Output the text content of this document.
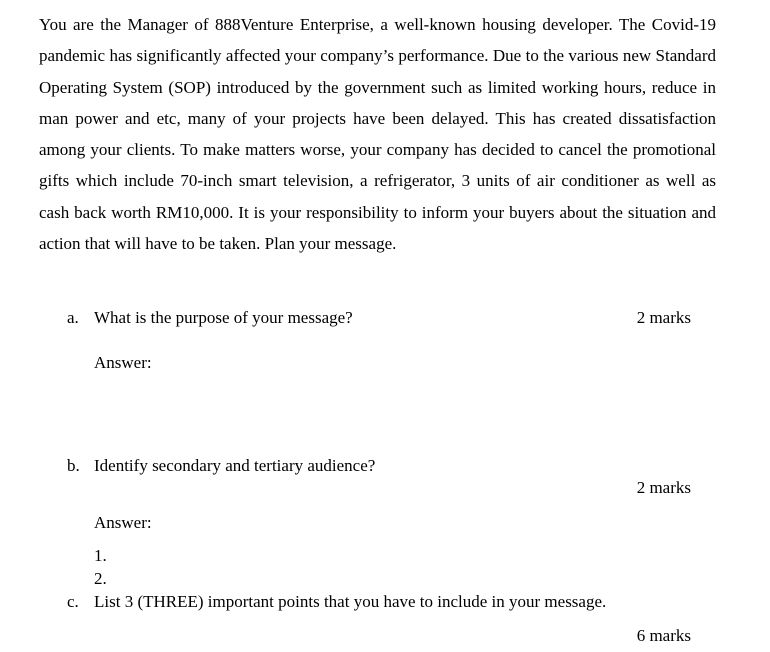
You are the Manager of 888Venture Enterprise, a well-known housing developer. The Covid-19 pandemic has significantly affected your company’s performance. Due to the various new Standard Operating System (SOP) introduced by the government such as limited working hours, reduce in man power and etc, many of your projects have been delayed. This has created dissatisfaction among your clients. To make matters worse, your company has decided to cancel the promotional gifts which include 70-inch smart television, a refrigerator, 3 units of air conditioner as well as cash back worth RM10,000. It is your responsibility to inform your buyers about the situation and action that will have to be taken. Plan your message.

a. What is the purpose of your message?	2 marks
Answer:
b. Identify secondary and tertiary audience?
2 marks
Answer:
1.
2.
c. List 3 (THREE) important points that you have to include in your message.
6 marks
